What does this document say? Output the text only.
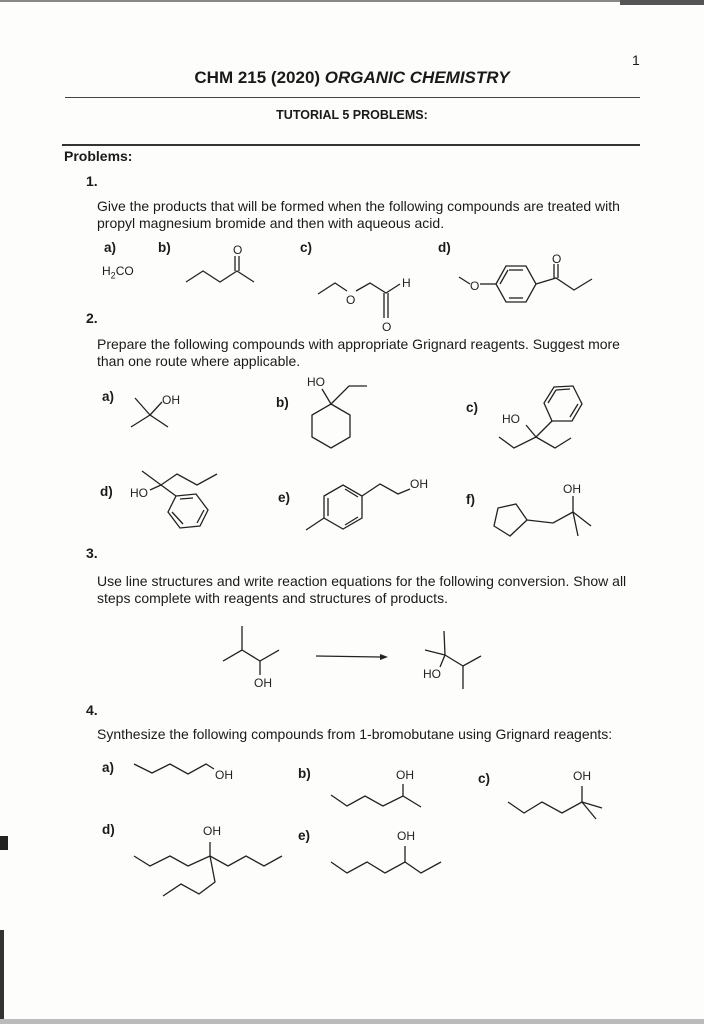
1
CHM 215 (2020) ORGANIC CHEMISTRY
TUTORIAL 5 PROBLEMS:
Problems:
1.
Give the products that will be formed when the following compounds are treated with
propyl magnesium bromide and then with aqueous acid.
a)	b)	c)	d)
$H_2CO$
2.
Prepare the following compounds with appropriate Grignard reagents. Suggest more
than one route where applicable.
a)	b)	c)
d)	e)	f)
3.
Use line structures and write reaction equations for the following conversion. Show all
steps complete with reagents and structures of products.
4.
Synthesize the following compounds from 1-bromobutane using Grignard reagents:
a)	b)	c)
d)	e)
O
O
H
O
O
O
OH
HO
HO
HO
OH	OH
OH
HO
OH	OH	OH
OH	OH
